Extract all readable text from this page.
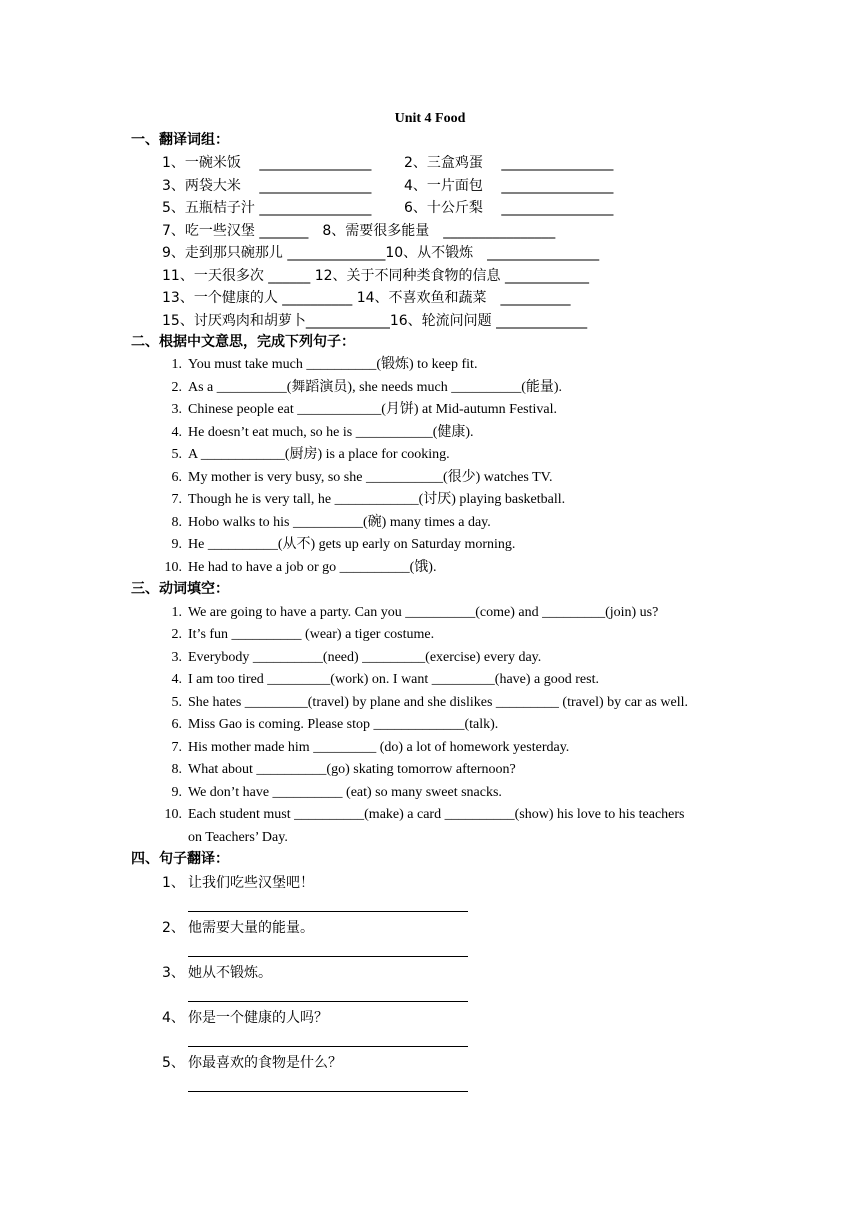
Unit 4 Food
一、翻译词组：
1、一碗米饭　 ________________ 2、三盒鸡蛋　 ________________
3、两袋大米　 ________________ 4、一片面包　 ________________
5、五瓶桔子汁 ________________ 6、十公斤梨　 ________________
7、吃一些汉堡 _______　8、需要很多能量　________________
9、走到那只碗那儿 ______________10、从不锻炼　________________
11、一天很多次 ______ 12、关于不同种类食物的信息 ____________
13、一个健康的人 __________ 14、不喜欢鱼和蔬菜　__________
15、讨厌鸡肉和胡萝卜____________16、轮流问问题 _____________
二、根据中文意思，完成下列句子：
1. You must take much __________(锻炼) to keep fit.
2. As a __________(舞蹈演员), she needs much __________(能量).
3. Chinese people eat ____________(月饼) at Mid-autumn Festival.
4. He doesn’t eat much, so he is ___________(健康).
5. A ____________(厨房) is a place for cooking.
6. My mother is very busy, so she ___________(很少) watches TV.
7. Though he is very tall, he ____________(讨厌) playing basketball.
8. Hobo walks to his __________(碗) many times a day.
9. He __________(从不) gets up early on Saturday morning.
10. He had to have a job or go __________(饿).
三、动词填空：
1. We are going to have a party. Can you __________(come) and _________(join) us?
2. It’s fun __________ (wear) a tiger costume.
3. Everybody __________(need) _________(exercise) every day.
4. I am too tired _________(work) on. I want _________(have) a good rest.
5. She hates _________(travel) by plane and she dislikes _________ (travel) by car as well.
6. Miss Gao is coming. Please stop _____________(talk).
7. His mother made him _________ (do) a lot of homework yesterday.
8. What about __________(go) skating tomorrow afternoon?
9. We don’t have __________ (eat) so many sweet snacks.
10. Each student must __________(make) a card __________(show) his love to his teachers
on Teachers’ Day.
四、句子翻译：
1、 让我们吃些汉堡吧！
2、 他需要大量的能量。
3、 她从不锻炼。
4、 你是一个健康的人吗？
5、 你最喜欢的食物是什么？
